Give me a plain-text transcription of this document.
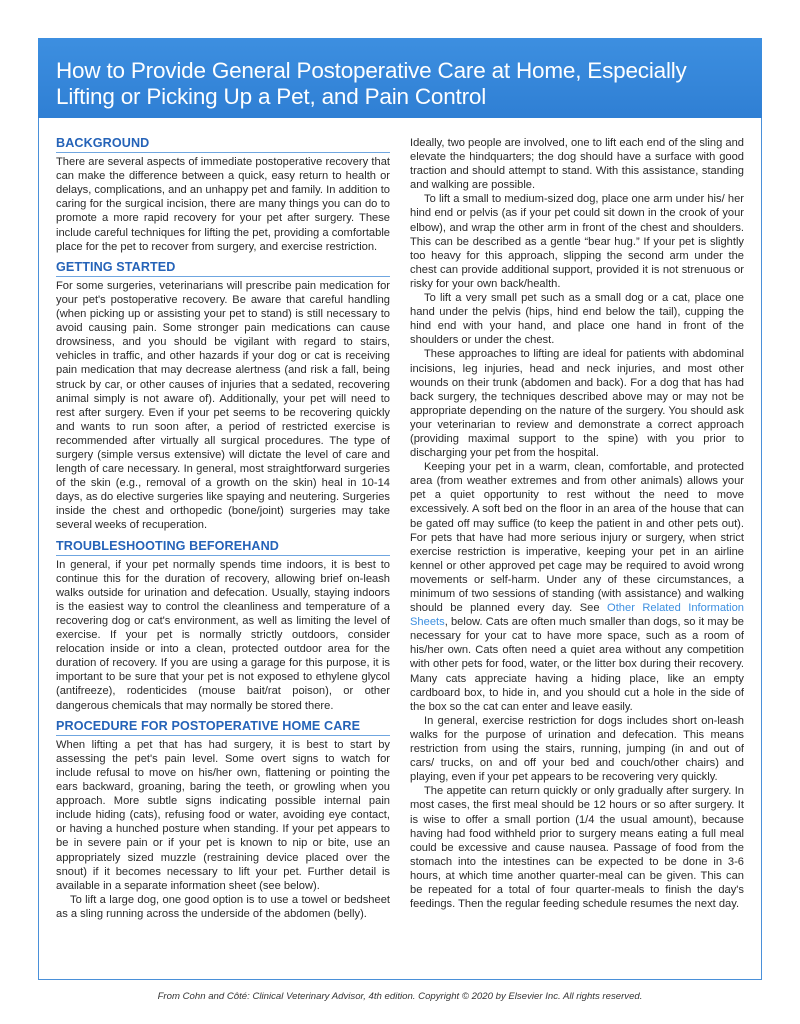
How to Provide General Postoperative Care at Home, Especially Lifting or Picking Up a Pet, and Pain Control
BACKGROUND

There are several aspects of immediate postoperative recovery that can make the difference between a quick, easy return to health or delays, complications, and an unhappy pet and family. In addition to caring for the surgical incision, there are many things you can do to promote a more rapid recovery for your pet after surgery. These include careful techniques for lifting the pet, providing a comfortable place for the pet to recover from surgery, and exercise restriction.

GETTING STARTED

For some surgeries, veterinarians will prescribe pain medication for your pet's postoperative recovery. Be aware that careful handling (when picking up or assisting your pet to stand) is still necessary to avoid causing pain. Some stronger pain medications can cause drowsiness, and you should be vigilant with regard to stairs, vehicles in traffic, and other hazards if your dog or cat is receiving pain medication that may decrease alertness (and risk a fall, being struck by car, or other causes of injuries that a sedated, recovering animal simply is not aware of). Additionally, your pet will need to rest after surgery. Even if your pet seems to be recovering quickly and wants to run soon after, a period of restricted exercise is recommended after virtually all surgical procedures. The type of surgery (simple versus extensive) will dictate the level of care and length of care necessary. In general, most straightforward surgeries of the skin (e.g., removal of a growth on the skin) heal in 10-14 days, as do elective surgeries like spaying and neutering. Surgeries inside the chest and orthopedic (bone/joint) surgeries may take several weeks of recuperation.

TROUBLESHOOTING BEFOREHAND

In general, if your pet normally spends time indoors, it is best to continue this for the duration of recovery, allowing brief on-leash walks outside for urination and defecation. Usually, staying indoors is the easiest way to control the cleanliness and temperature of a recovering dog or cat's environment, as well as limiting the level of exercise. If your pet is normally strictly outdoors, consider relocation inside or into a clean, protected outdoor area for the duration of recovery. If you are using a garage for this purpose, it is important to be sure that your pet is not exposed to ethylene glycol (antifreeze), rodenticides (mouse bait/rat poison), or other dangerous chemicals that may normally be stored there.

PROCEDURE FOR POSTOPERATIVE HOME CARE

When lifting a pet that has had surgery, it is best to start by assessing the pet's pain level. Some overt signs to watch for include refusal to move on his/her own, flattening or pointing the ears backward, groaning, baring the teeth, or growling when you approach. More subtle signs indicating possible internal pain include hiding (cats), refusing food or water, avoiding eye contact, or having a hunched posture when standing. If your pet appears to be in severe pain or if your pet is known to nip or bite, use an appropriately sized muzzle (restraining device placed over the snout) if it becomes necessary to lift your pet. Further detail is available in a separate information sheet (see below).

To lift a large dog, one good option is to use a towel or bedsheet as a sling running across the underside of the abdomen (belly).

Ideally, two people are involved, one to lift each end of the sling and elevate the hindquarters; the dog should have a surface with good traction and should attempt to stand. With this assistance, standing and walking are possible.

To lift a small to medium-sized dog, place one arm under his/ her hind end or pelvis (as if your pet could sit down in the crook of your elbow), and wrap the other arm in front of the chest and shoulders. This can be described as a gentle “bear hug.” If your pet is slightly too heavy for this approach, slipping the second arm under the chest can provide additional support, provided it is not strenuous or risky for your own back/health.

To lift a very small pet such as a small dog or a cat, place one hand under the pelvis (hips, hind end below the tail), cupping the hind end with your hand, and place one hand in front of the shoulders or under the chest.

These approaches to lifting are ideal for patients with abdominal incisions, leg injuries, head and neck injuries, and most other wounds on their trunk (abdomen and back). For a dog that has had back surgery, the techniques described above may or may not be appropriate depending on the nature of the surgery. You should ask your veterinarian to review and demonstrate a correct approach (providing maximal support to the spine) with you prior to discharging your pet from the hospital.

Keeping your pet in a warm, clean, comfortable, and protected area (from weather extremes and from other animals) allows your pet a quiet opportunity to rest without the need to move excessively. A soft bed on the floor in an area of the house that can be gated off may suffice (to keep the patient in and other pets out). For pets that have had more serious injury or surgery, when strict exercise restriction is imperative, keeping your pet in an airline kennel or other approved pet cage may be required to avoid wrong movements or self-harm. Under any of these circumstances, a minimum of two sessions of standing (with assistance) and walking should be planned every day. See Other Related Information Sheets, below. Cats are often much smaller than dogs, so it may be necessary for your cat to have more space, such as a room of his/her own. Cats often need a quiet area without any competition with other pets for food, water, or the litter box during their recovery. Many cats appreciate having a hiding place, like an empty cardboard box, to hide in, and you should cut a hole in the side of the box so the cat can enter and leave easily.

In general, exercise restriction for dogs includes short on-leash walks for the purpose of urination and defecation. This means restriction from using the stairs, running, jumping (in and out of cars/ trucks, on and off your bed and couch/other chairs) and playing, even if your pet appears to be recovering very quickly.

The appetite can return quickly or only gradually after surgery. In most cases, the first meal should be 12 hours or so after surgery. It is wise to offer a small portion (1/4 the usual amount), because having had food withheld prior to surgery means eating a full meal could be excessive and cause nausea. Passage of food from the stomach into the intestines can be expected to be done in 3-6 hours, at which time another quarter-meal can be given. This can be repeated for a total of four quarter-meals to finish the day's feedings. Then the regular feeding schedule resumes the next day.

From Cohn and Côté: Clinical Veterinary Advisor, 4th edition. Copyright © 2020 by Elsevier Inc. All rights reserved.
